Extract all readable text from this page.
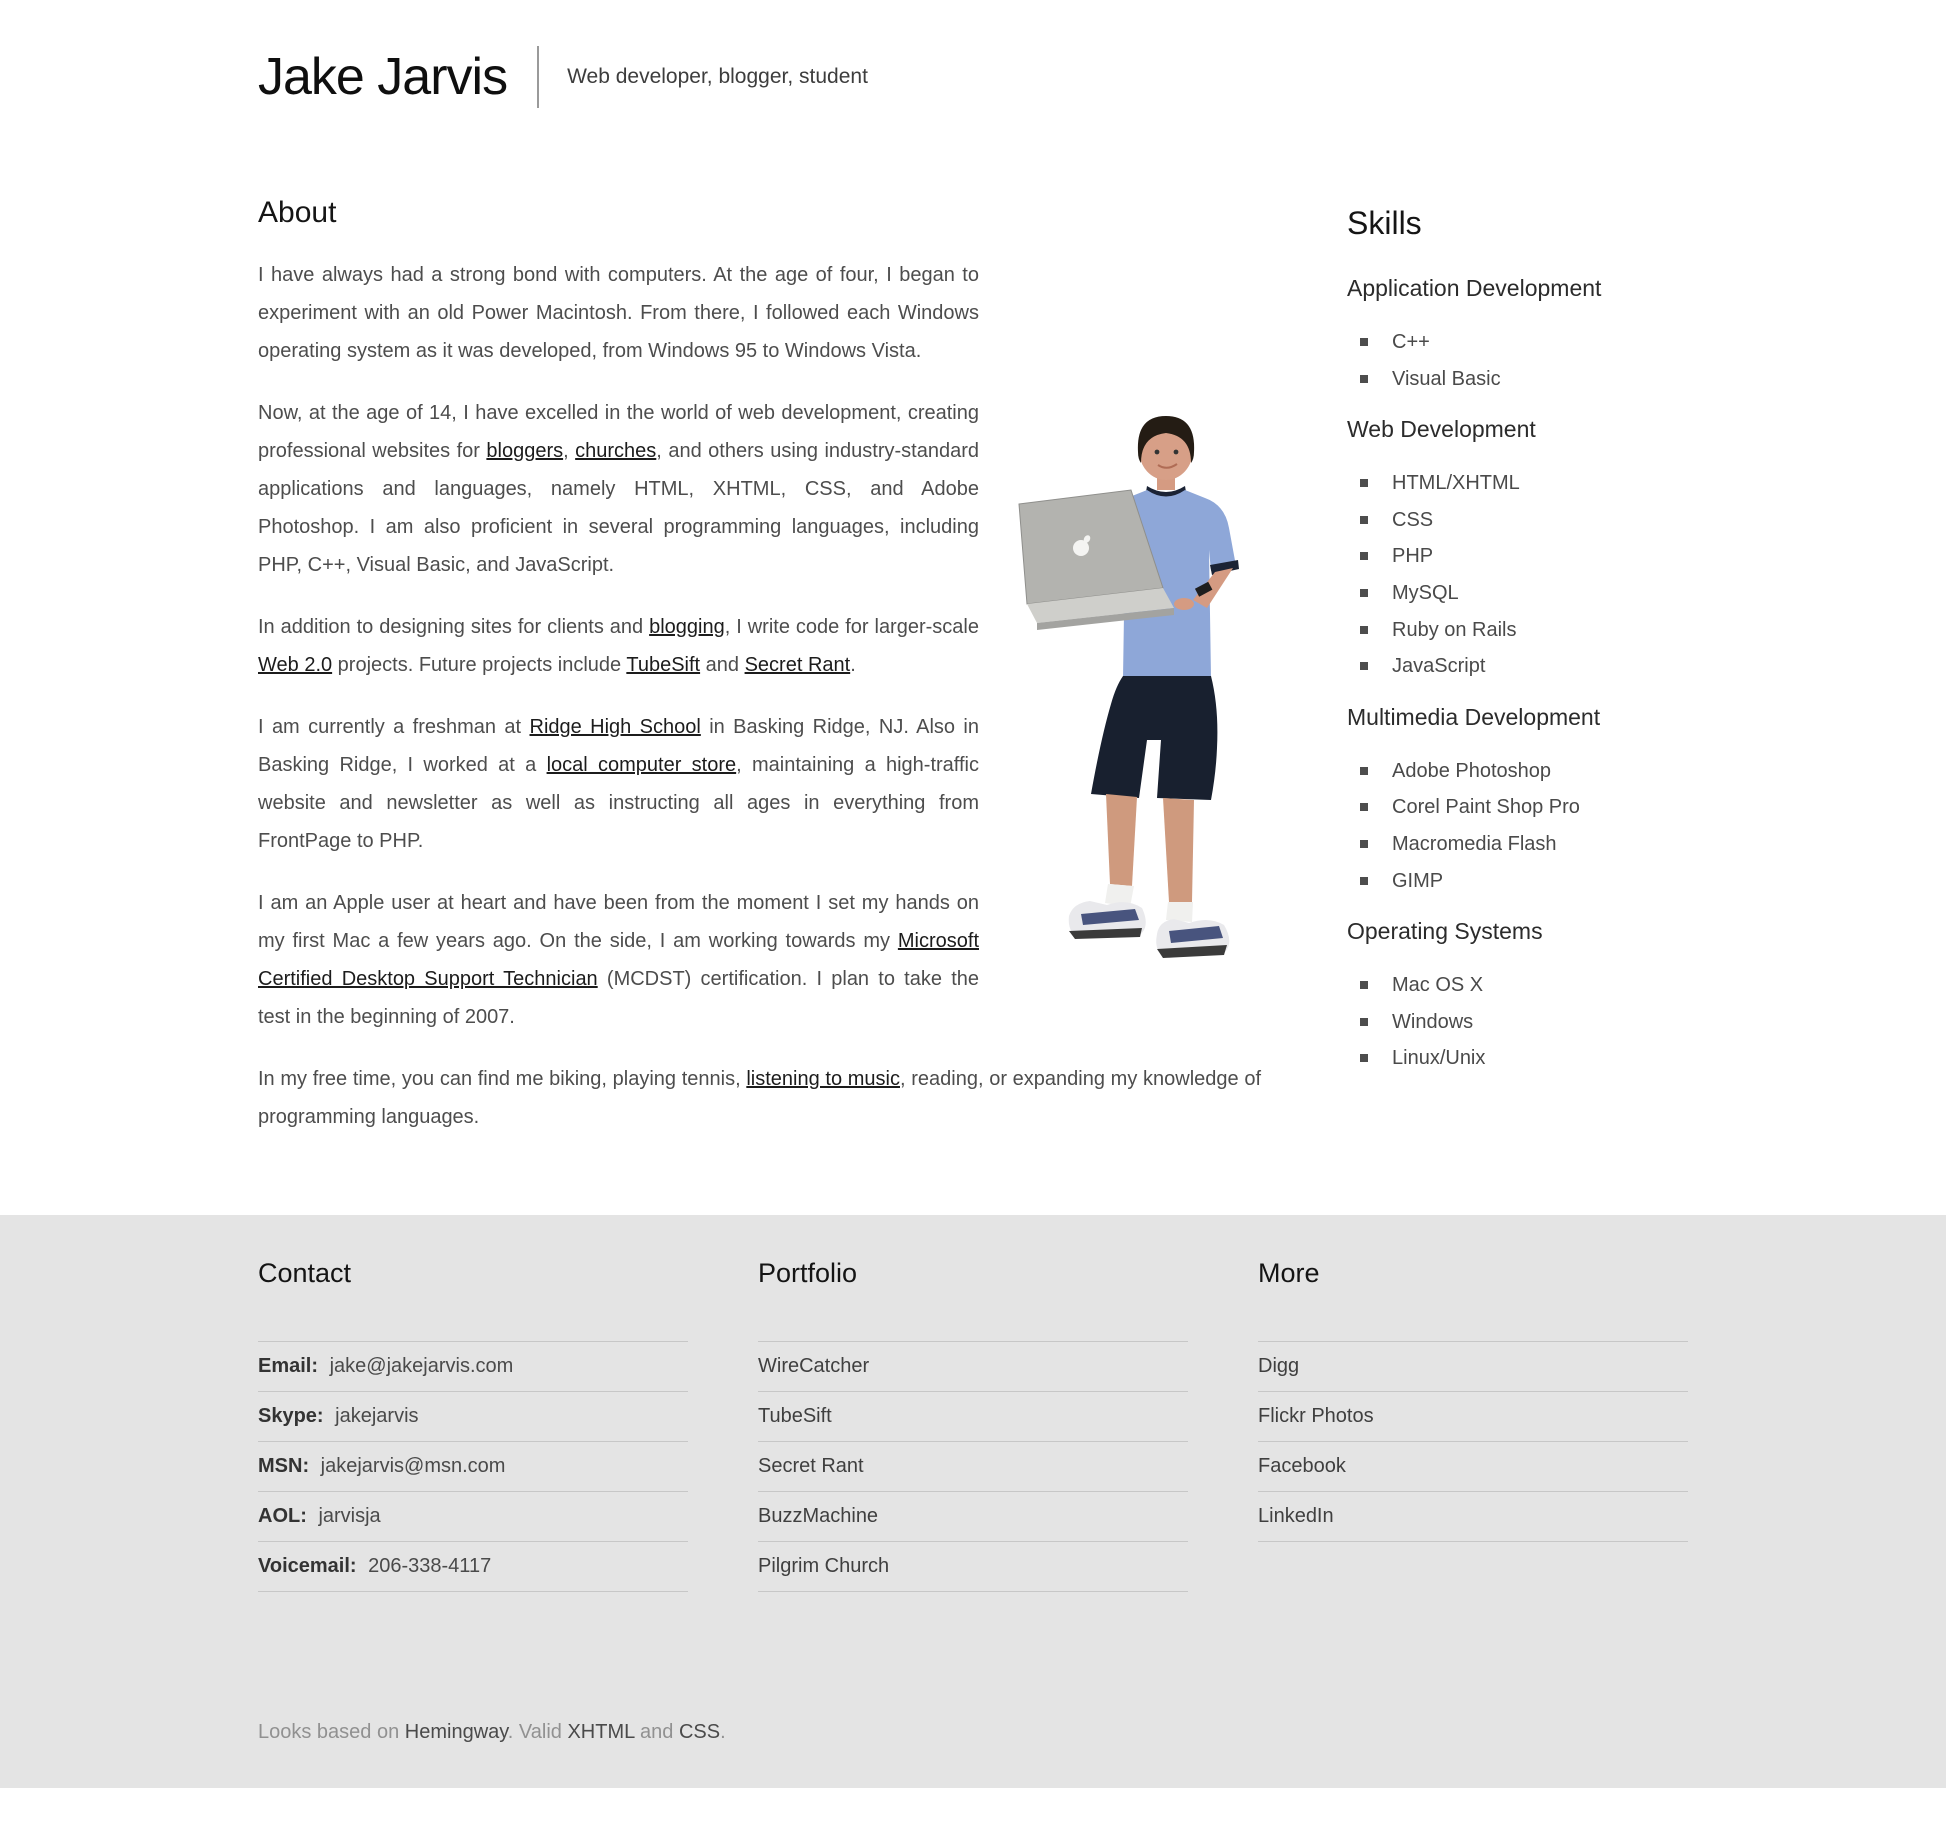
Jake Jarvis	Web developer, blogger, student
About

I have always had a strong bond with computers. At the age of four, I began to experiment with an old Power Macintosh. From there, I followed each Windows operating system as it was developed, from Windows 95 to Windows Vista.

Now, at the age of 14, I have excelled in the world of web development, creating professional websites for bloggers, churches, and others using industry-standard applications and languages, namely HTML, XHTML, CSS, and Adobe Photoshop. I am also proficient in several programming languages, including PHP, C++, Visual Basic, and JavaScript.

In addition to designing sites for clients and blogging, I write code for larger-scale Web 2.0 projects. Future projects include TubeSift and Secret Rant.

I am currently a freshman at Ridge High School in Basking Ridge, NJ. Also in Basking Ridge, I worked at a local computer store, maintaining a high-traffic website and newsletter as well as instructing all ages in everything from FrontPage to PHP.

I am an Apple user at heart and have been from the moment I set my hands on my first Mac a few years ago. On the side, I am working towards my Microsoft Certified Desktop Support Technician (MCDST) certification. I plan to take the test in the beginning of 2007.

In my free time, you can find me biking, playing tennis, listening to music, reading, or expanding my knowledge of programming languages.

Skills
Application Development
C++
Visual Basic
Web Development
HTML/XHTML
CSS
PHP
MySQL
Ruby on Rails
JavaScript
Multimedia Development
Adobe Photoshop
Corel Paint Shop Pro
Macromedia Flash
GIMP
Operating Systems
Mac OS X
Windows
Linux/Unix
Contact
Email: jake@jakejarvis.com
Skype: jakejarvis
MSN: jakejarvis@msn.com
AOL: jarvisja
Voicemail: 206-338-4117
Portfolio
WireCatcher
TubeSift
Secret Rant
BuzzMachine
Pilgrim Church
More
Digg
Flickr Photos
Facebook
LinkedIn

Looks based on Hemingway. Valid XHTML and CSS.
